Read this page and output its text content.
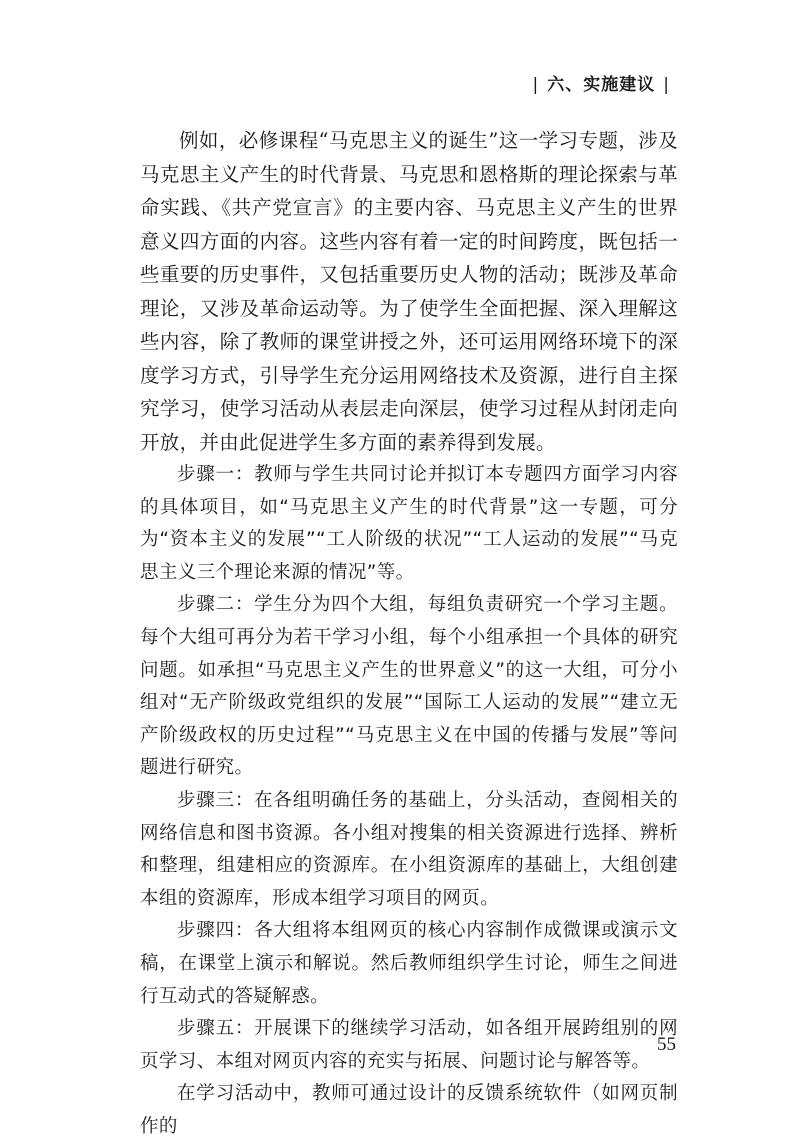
| 六、实施建议 |

例如，必修课程“马克思主义的诞生”这一学习专题，涉及马克思主义产生的时代背景、马克思和恩格斯的理论探索与革命实践、《共产党宣言》的主要内容、马克思主义产生的世界意义四方面的内容。这些内容有着一定的时间跨度，既包括一些重要的历史事件，又包括重要历史人物的活动；既涉及革命理论，又涉及革命运动等。为了使学生全面把握、深入理解这些内容，除了教师的课堂讲授之外，还可运用网络环境下的深度学习方式，引导学生充分运用网络技术及资源，进行自主探究学习，使学习活动从表层走向深层，使学习过程从封闭走向开放，并由此促进学生多方面的素养得到发展。

步骤一：教师与学生共同讨论并拟订本专题四方面学习内容的具体项目，如“马克思主义产生的时代背景”这一专题，可分为“资本主义的发展”“工人阶级的状况”“工人运动的发展”“马克思主义三个理论来源的情况”等。

步骤二：学生分为四个大组，每组负责研究一个学习主题。每个大组可再分为若干学习小组，每个小组承担一个具体的研究问题。如承担“马克思主义产生的世界意义”的这一大组，可分小组对“无产阶级政党组织的发展”“国际工人运动的发展”“建立无产阶级政权的历史过程”“马克思主义在中国的传播与发展”等问题进行研究。

步骤三：在各组明确任务的基础上，分头活动，查阅相关的网络信息和图书资源。各小组对搜集的相关资源进行选择、辨析和整理，组建相应的资源库。在小组资源库的基础上，大组创建本组的资源库，形成本组学习项目的网页。

步骤四：各大组将本组网页的核心内容制作成微课或演示文稿，在课堂上演示和解说。然后教师组织学生讨论，师生之间进行互动式的答疑解惑。

步骤五：开展课下的继续学习活动，如各组开展跨组别的网页学习、本组对网页内容的充实与拓展、问题讨论与解答等。

在学习活动中，教师可通过设计的反馈系统软件（如网页制作的

55
